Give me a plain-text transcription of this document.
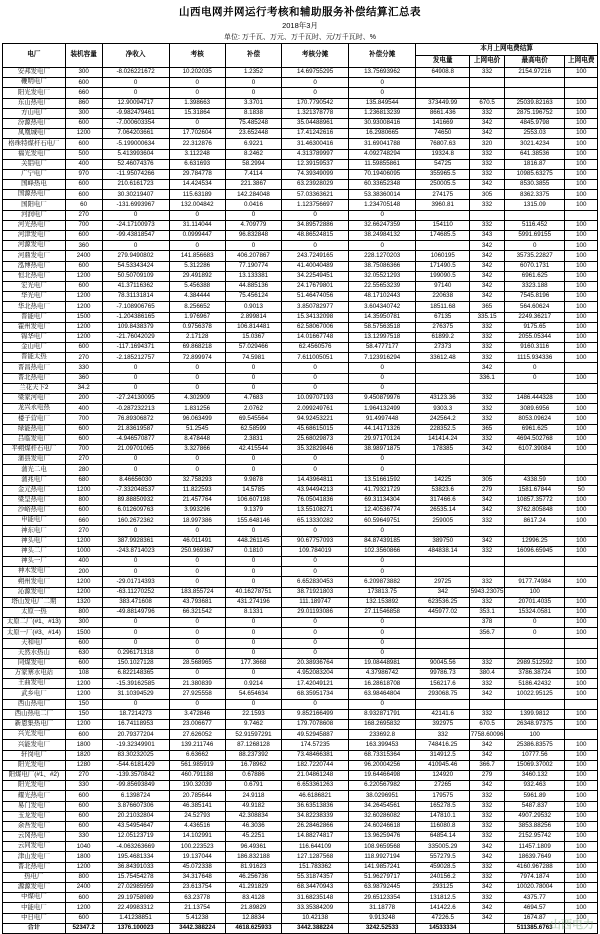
山西电网并网运行考核和辅助服务补偿结算汇总表
2018年3月
单位: 万千瓦、万元、万千瓦时、元/万千瓦时、%
电厂	装机容量	净收入	考核	补偿	考核分摊	补偿分摊	本月上网电费结算			
							发电量	上网电价	最高电价	上网电费
安邦发电厂	300	-8.026221672	10.202035	1.2352	14.69755295	13.75693962	64908.8	332	2154.97216	100
鞭明电厂	600	0	0	0	0	0				
阳光发电厂	660	0	0	0	0	0				
东山热电厂	860	12.90094717	1.398663	3.3701	170.7790542	135.849544	373449.99	670.5	25039.82163	100
方山电厂	300	-9.982479461	15.31864	8.1838	1.321378778	1.236813239	8661.436	332	2875.196752	100
汾源热电厂	600	-7.000603354	0	75.485248	35.04488961	30.93008416	141669	342	4845.9798	100
凤凰城电厂	1200	7.064203661	17.702604	23.652448	17.41242616	16.2980665	74650	342	2553.03	100
格珠特煤杆石电厂	600	-5.199000634	22.312876	6.9221	31.46300416	31.69041788	76807.63	320	3021.4234	100
福光发电厂	500	5.413993604	3.112248	8.2462	4.313789997	4.092748294	19324.8	332	641.38536	100
关铝电厂	400	52.46074376	6.631693	58.2994	12.39159537	11.59855861	54725	332	1816.87	100
广宁电厂	970	-11.95074266	29.784778	7.4114	74.39349099	70.19406095	355965.5	332	10985.63275	100
国峰热电	600	210.6161723	14.424534	221.3867	63.23928029	60.33652348	250005.5	342	8530.3855	100
国源热电厂	600	30.30219407	115.63189	142.284048	57.03363621	53.38360014	274175	305	8362.3375	100
国阳电厂	60	-131.6993967	132.004842	0.0416	1.123756697	1.234705148	3960.81	332	1315.09	100
河润电厂	270	0	0	0	0	0				
河光热电厂	700	-24.17100973	31.114044	4.709779	34.89572886	32.66247359	154110	332	5116.452	100
河津发电厂	600	-99.43818547	0.0999447	96.832848	48.86524815	38.24984132	174685.5	343	5991.69155	100
河源发电厂	360	0	0	0	0	0		342	0	100
河鼎发电厂	2400	279.9490802	141.856683	406.207867	243.7249165	228.1270203	1060195	342	35735.22827	100
泓博热电厂	600	54.53343424	5.312286	77.190774	41.40040489	38.75086366	171490.5	342	6070.1731	100
恒北热电厂	1200	50.50709109	29.491892	13.133381	34.22549451	32.05521293	199090.5	342	6961.625	100
宏光电厂	600	41.37116362	5.456388	44.885136	24.17679801	22.55653239	97140	342	3323.188	100
华光电厂	1200	78.31131814	4.384444	75.456124	51.46474056	48.17102443	220638	342	7545.8196	100
华北热电厂	1200	-7.108906765	8.256652	0.9013	3.850782977	3.604340742	18511.68	365	564.60624	100
晋能电厂	1500	-1.204386165	1.976967	2.899814	15.34132098	14.35950781	67135	335.15	2249.36217	100
霍州发电厂	1200	109.8438379	0.9756378	106.814481	62.58067006	58.57563518	276375	332	9175.65	100
锦华电厂	1200	-21.76042029	2.17128	15.0367	14.01667748	13.12997518	61899.2	332	2055.05344	100
金山电厂	600	-117.1694371	69.868218	57.029466	62.4560576	58.4777177	27373	332	9160.3116	100
晋能太热	270	-2.185212757	72.899974	74.5981	7.611005051	7.123916294	33612.48	332	1115.934336	100
晋昌热电厂	330	0	0	0	0	0		342	0	
晋北热电厂	360	0	0	0	0	0		336.1	0	100
兰花天下2	34.2	0	0	0	0	0				
梁家河电厂	200	-27.24130095	4.302909	4.7683	10.09707193	9.450879976	43123.36	332	1486.444328	100
龙兴永电热	400	-0.287232213	1.831256	2.0762	2.099249761	1.964132499	9303.3	332	3089.6956	100
楼子营电厂	700	76.89306872	96.063499	69.545564	94.92453221	91.4997448	242564.2	332	8053.09624	100
绿能热电厂	600	21.83619587	51.2545	62.58599	45.68615015	44.14171326	228352.5	365	6961.625	100
吕临发电厂	600	-4.946570877	8.478448	2.3831	25.68029873	29.97170124	141414.24	332	4694.502768	100
平朔煤杆石电厂	700	21.09701065	3.327866	42.415544	35.32829846	38.98971875	178385	342	6107.39084	100
蒲县发电厂	270	0	0	0	0	0				
蒲光二电	280	0	0	0	0	0				
蒲兆电厂	680	8.46656030	32.758293	9.9878	14.43964811	13.51661592	14225	305	4338.59	100
金元热电厂	1200	-7.332048537	11.822593	14.5785	43.94494213	41.79321729	53823.6	279	1581.67844	50
梁呈热电厂	800	89.88850932	21.457764	106.607198	76.05041836	69.31134304	317466.6	342	10857.35772	100
沙峪热电厂	600	6.012609763	3.993296	9.1379	13.55108271	12.40536774	26535.14	342	3762.805848	100
申能电厂	660	160.2672362	18.997386	155.648146	65.13330282	60.59649751	259005	332	8617.24	100
神东电厂	270	0	0	0	0	0				
神头电厂	1200	387.9928361	46.011491	448.261145	90.67757093	84.87439185	389750	342	12996.25	100
神头二厂	1000	-243.8714023	250.969367	0.1810	109.784019	102.3560866	484838.14	332	16096.65945	100
神头一厂	400	0	0	0	0	0				
神木发电厂	200	0	0	0	0	0				
朔州发电厂	1200	-29.01714393	0	0	6.652830453	6.209873882	29725	332	9177.74984	100
沁源发电厂	1200	-63.11270252	183.855724	40.16278751	38.71921803	173813.75	342	5943.23075	100	
塔山发电厂二期	1320	383.471608	43.793681	431.274196	111.189747	132.153892	623536.25	332	20701.4035	100
太原一热	800	-49.88149796	66.321542	8.1331	29.01193086	27.11546858	445977.02	353.1	15324.0581	100
太原二厂(#1、#13)	300	0	0	0	0	0		378	0	100
太原一厂(#3、#14)	1500	0	0	0	0	0		356.7	0	100
天和电厂	600	0	0	0	0	0				
天然水热山	630	0.296171318	0	0	0	0				
同煤发电厂	600	150.1027128	28.568965	177.3668	20.38936764	19.08448981	90045.56	332	2989.512592	100
万家寨水电站	108	6.822148365	0	0	4.952083204	4.37986742	99786.73	380.4	3786.38724	100
王曲发电厂	1200	-15.39162585	21.380839	0.9214	17.42049121	16.28618708	156217.6	332	5186.42432	100
武乡电厂	1200	31.10394529	27.925558	54.654634	68.35951734	63.98464804	293068.75	342	10022.95125	100
西山热电厂	150	0	0	0	0	0				
西山热电二厂	150	18.7214273	3.472846	22.1593	9.852166499	8.932871791	42141.6	332	1399.9812	100
新恩集热电厂	1200	16.74118953	23.006677	9.7462	179.7078608	168.2695832	392975	670.5	26348.97375	100
兴光发电厂	600	20.79377204	27.626052	52.91597291	49.52945887	233692.8	332	7758.60096	100	
兴能发电厂	1800	-19.32349901	139.211746	87.1268128	174.57235	163.399453	748416.25	342	25386.83575	100
轩岗电厂	1820	83.30232025	6.63662	88.237392	73.48466381	68.73315364	314912.5	342	10777.56	100
阳光发电厂	1280	-544.6181429	561.985919	16.78962	182.7220744	96.20004256	410945.46	366.7	15069.37002	100
阳煤电厂(#1、#2)	270	-139.3570842	460.791188	0.67886	21.04861248	19.64466498	124920	279	3460.132	100
阳光发电厂	330	-99.85693849	190.32039	0.6791	6.653361263	6.220567982	27265	342	932.463	100
耀光热电厂	600	6.1398724	20.785644	24.9118	46.6186821	38.0296951	179575	332	5961.89	100
易门发电厂	600	3.876607306	46.385141	49.9182	36.63513836	34.26454561	165278.5	332	5487.837	100
玉龙发电厂	600	20.21032804	24.52793	42.308834	34.82238339	32.60286082	147810.1	332	4907.29532	100
余吾发电厂	600	43.54954647	4.436516	46.3036	26.28462866	24.60246618	116080.8	332	3853.88256	100
云冈热电厂	330	12.05123719	14.102991	45.2251	14.88274817	13.96259476	64854.14	332	2152.95742	100
云同发电厂	1040	-4.063263669	100.223523	96.49361	116.644109	108.9659568	335005.29	342	11457.1809	100
津山发电厂	1800	195.4681334	19.137044	186.832188	127.1287568	118.9927194	557279.5	342	18639.7649	100
晋北热电厂	1200	36.84391033	45.072338	81.91623	151.783362	141.9857241	459028.5	332	4160.967288	100
热电厂	800	15.75454278	34.317648	46.256736	55.31874357	51.96279717	240156.2	332	7974.1874	100
源源发电厂	2400	27.02985959	23.613754	41.291829	68.34470943	63.98792445	293125	342	10020.78004	100
中煤电厂	600	29.19758989	63.23778	83.4128	31.68235148	29.65123354	131812.5	332	4375.77	100
中能电厂	1200	22.49983312	21.13754	21.89829	33.35384209	31.18778	141422.6	342	4694.57	100
中日电厂	600	1.41238851	5.41238	12.8834	10.42138	9.913248	47226.5	342	1674.87	100
合计	52347.2	1376.100023	3442.388224	4618.625933	3442.388224	3242.52533	14533334		511385.6763	
山西电力
